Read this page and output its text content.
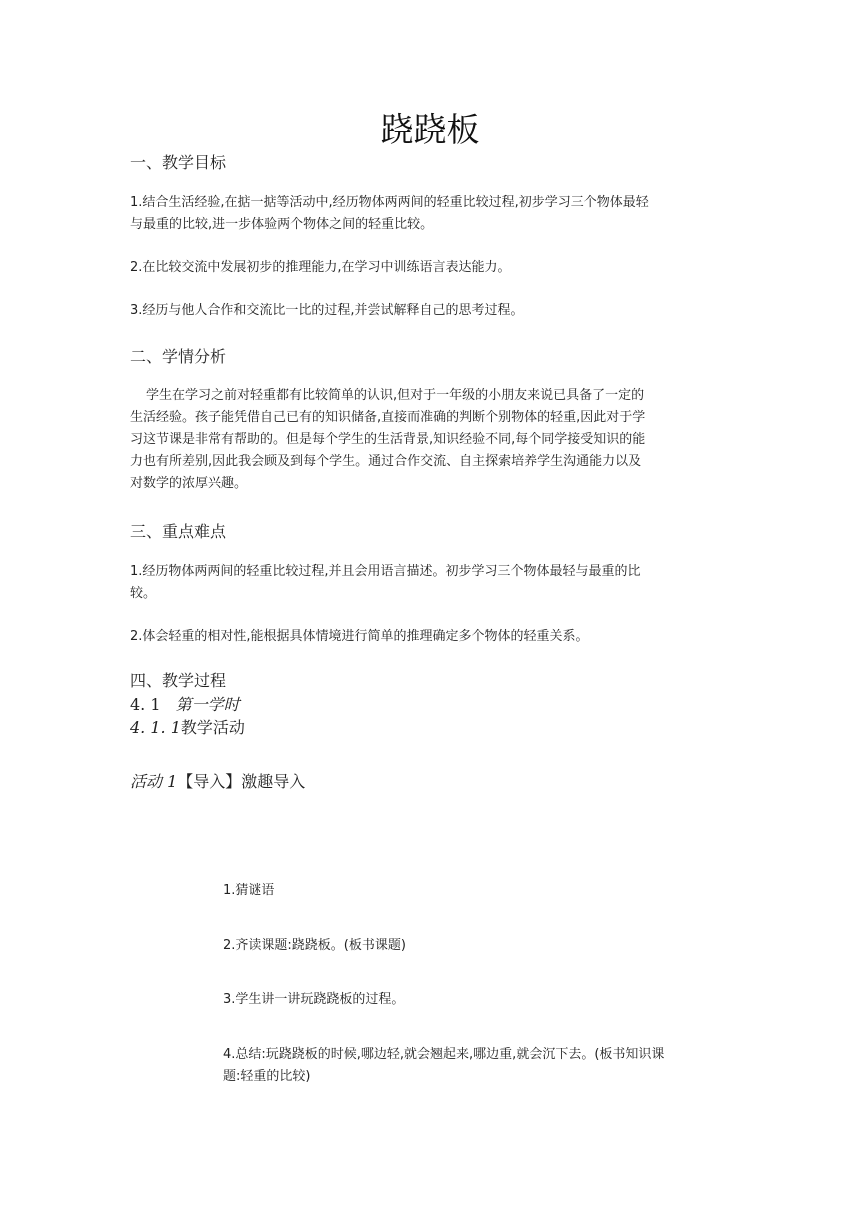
跷跷板
一、教学目标
1.结合生活经验,在掂一掂等活动中,经历物体两两间的轻重比较过程,初步学习三个物体最轻
与最重的比较,进一步体验两个物体之间的轻重比较。
2.在比较交流中发展初步的推理能力,在学习中训练语言表达能力。
3.经历与他人合作和交流比一比的过程,并尝试解释自己的思考过程。
二、学情分析
学生在学习之前对轻重都有比较简单的认识,但对于一年级的小朋友来说已具备了一定的
生活经验。孩子能凭借自己已有的知识储备,直接而准确的判断个别物体的轻重,因此对于学
习这节课是非常有帮助的。但是每个学生的生活背景,知识经验不同,每个同学接受知识的能
力也有所差别,因此我会顾及到每个学生。通过合作交流、自主探索培养学生沟通能力以及
对数学的浓厚兴趣。
三、重点难点
1.经历物体两两间的轻重比较过程,并且会用语言描述。初步学习三个物体最轻与最重的比
较。
2.体会轻重的相对性,能根据具体情境进行简单的推理确定多个物体的轻重关系。
四、教学过程
4. 1 第一学时
4. 1. 1教学活动
活动 1【导入】激趣导入
1.猜谜语
2.齐读课题:跷跷板。(板书课题)
3.学生讲一讲玩跷跷板的过程。
4.总结:玩跷跷板的时候,哪边轻,就会翘起来,哪边重,就会沉下去。(板书知识课
题:轻重的比较)
